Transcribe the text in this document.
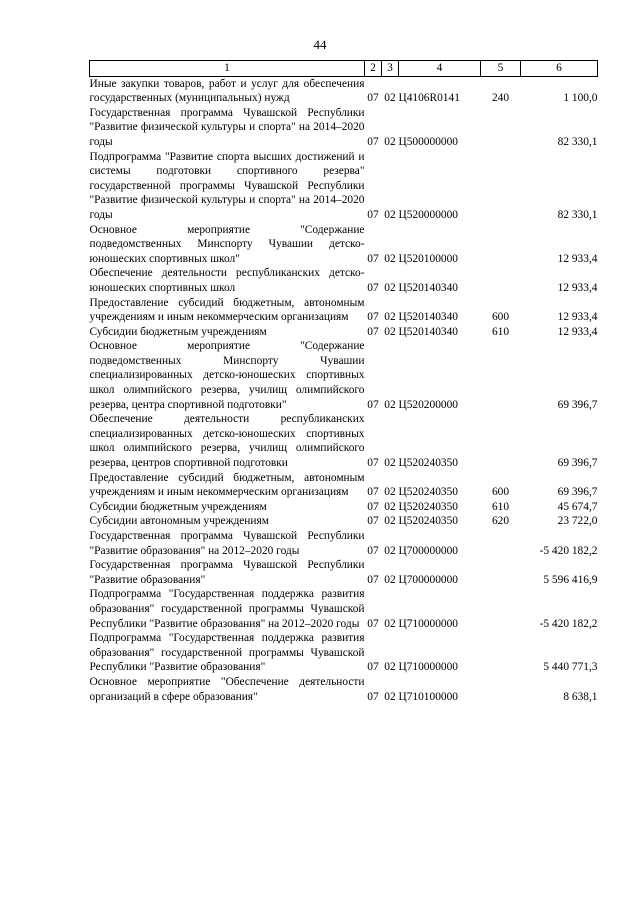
44
1	2	3	4	5	6
Иные закупки товаров, работ и услуг для обеспечения государственных (муниципальных) нужд	07	02	Ц4106R0141	240	1 100,0
Государственная программа Чувашской Республики "Развитие физической культуры и спорта" на 2014–2020 годы	07	02	Ц500000000		82 330,1
Подпрограмма "Развитие спорта высших достижений и системы подготовки спортивного резерва" государственной программы Чувашской Республики "Развитие физической культуры и спорта" на 2014–2020 годы	07	02	Ц520000000		82 330,1
Основное мероприятие "Содержание подведомственных Минспорту Чувашии детско-юношеских спортивных школ"	07	02	Ц520100000		12 933,4
Обеспечение деятельности республиканских детско-юношеских спортивных школ	07	02	Ц520140340		12 933,4
Предоставление субсидий бюджетным, автономным учреждениям и иным некоммерческим организациям	07	02	Ц520140340	600	12 933,4
Субсидии бюджетным учреждениям	07	02	Ц520140340	610	12 933,4
Основное мероприятие "Содержание подведомственных Минспорту Чувашии специализированных детско-юношеских спортивных школ олимпийского резерва, училищ олимпийского резерва, центра спортивной подготовки"	07	02	Ц520200000		69 396,7
Обеспечение деятельности республиканских специализированных детско-юношеских спортивных школ олимпийского резерва, училищ олимпийского резерва, центров спортивной подготовки	07	02	Ц520240350		69 396,7
Предоставление субсидий бюджетным, автономным учреждениям и иным некоммерческим организациям	07	02	Ц520240350	600	69 396,7
Субсидии бюджетным учреждениям	07	02	Ц520240350	610	45 674,7
Субсидии автономным учреждениям	07	02	Ц520240350	620	23 722,0
Государственная программа Чувашской Республики "Развитие образования" на 2012–2020 годы	07	02	Ц700000000		-5 420 182,2
Государственная программа Чувашской Республики "Развитие образования"	07	02	Ц700000000		5 596 416,9
Подпрограмма "Государственная поддержка развития образования" государственной программы Чувашской Республики "Развитие образования" на 2012–2020 годы	07	02	Ц710000000		-5 420 182,2
Подпрограмма "Государственная поддержка развития образования" государственной программы Чувашской Республики "Развитие образования"	07	02	Ц710000000		5 440 771,3
Основное мероприятие "Обеспечение деятельности организаций в сфере образования"	07	02	Ц710100000		8 638,1
